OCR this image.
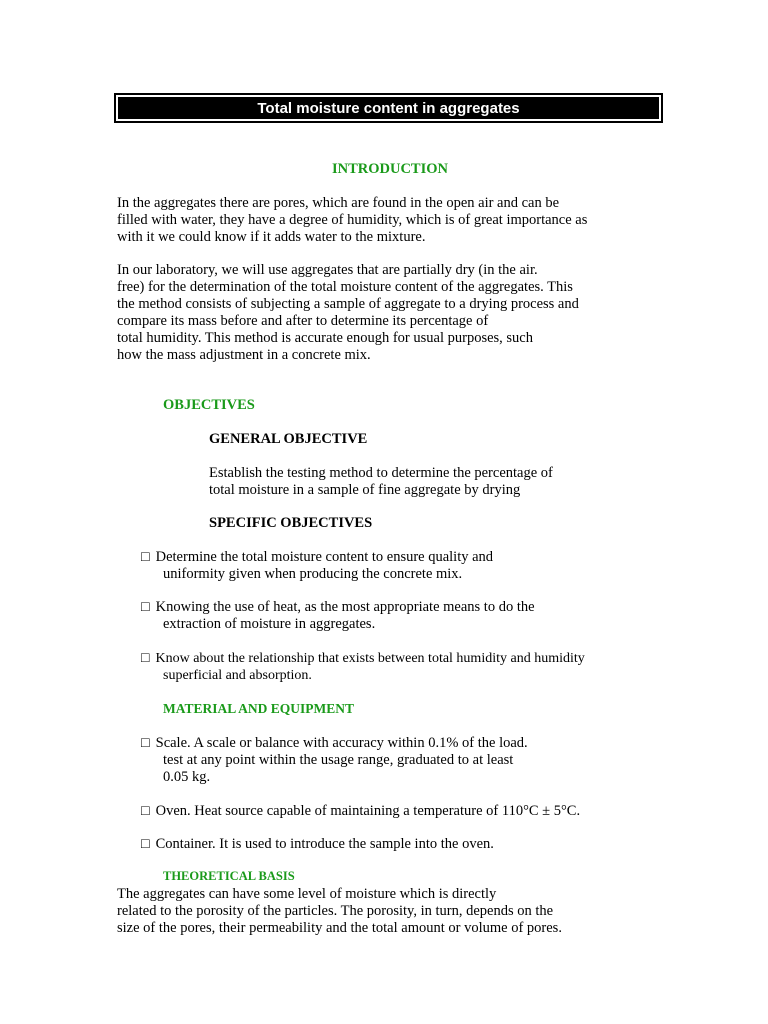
Total moisture content in aggregates
INTRODUCTION
In the aggregates there are pores, which are found in the open air and can be
filled with water, they have a degree of humidity, which is of great importance as
with it we could know if it adds water to the mixture.
In our laboratory, we will use aggregates that are partially dry (in the air.
free) for the determination of the total moisture content of the aggregates. This
the method consists of subjecting a sample of aggregate to a drying process and
compare its mass before and after to determine its percentage of
total humidity. This method is accurate enough for usual purposes, such
how the mass adjustment in a concrete mix.
OBJECTIVES
GENERAL OBJECTIVE
Establish the testing method to determine the percentage of
total moisture in a sample of fine aggregate by drying
SPECIFIC OBJECTIVES
□ Determine the total moisture content to ensure quality and
uniformity given when producing the concrete mix.
□ Knowing the use of heat, as the most appropriate means to do the
extraction of moisture in aggregates.
□ Know about the relationship that exists between total humidity and humidity
superficial and absorption.
MATERIAL AND EQUIPMENT
□ Scale. A scale or balance with accuracy within 0.1% of the load.
test at any point within the usage range, graduated to at least
0.05 kg.
□ Oven. Heat source capable of maintaining a temperature of 110°C ± 5°C.
□ Container. It is used to introduce the sample into the oven.
THEORETICAL BASIS
The aggregates can have some level of moisture which is directly
related to the porosity of the particles. The porosity, in turn, depends on the
size of the pores, their permeability and the total amount or volume of pores.
